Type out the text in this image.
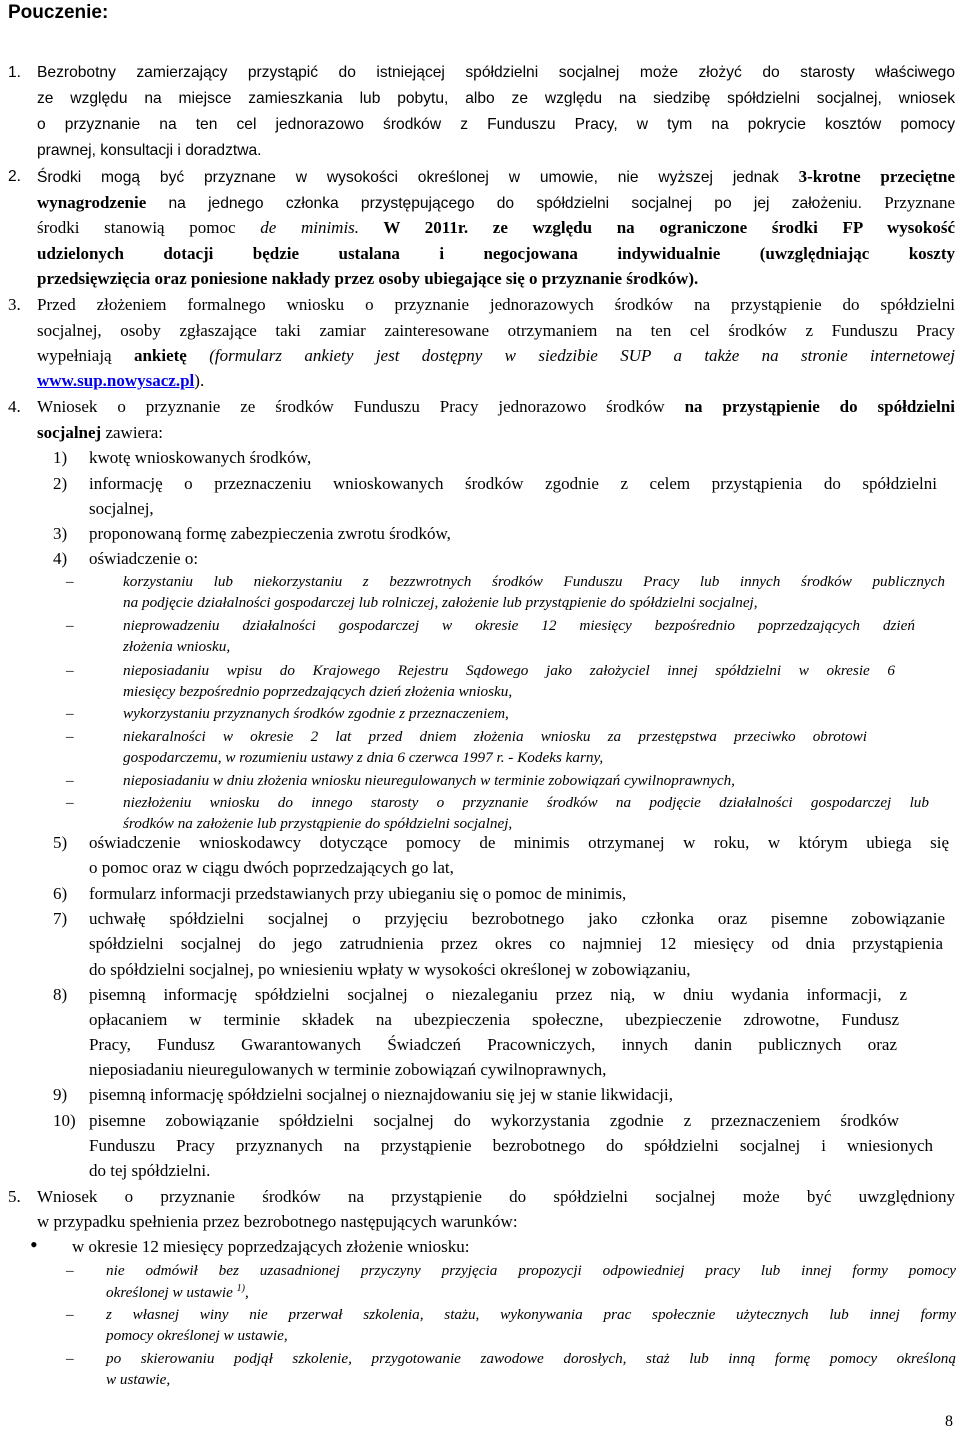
Pouczenie:
1. Bezrobotny zamierzający przystąpić do istniejącej spółdzielni socjalnej może złożyć do starosty właściwego
ze względu na miejsce zamieszkania lub pobytu, albo ze względu na siedzibę spółdzielni socjalnej, wniosek
o przyznanie na ten cel jednorazowo środków z Funduszu Pracy, w tym na pokrycie kosztów pomocy
prawnej, konsultacji i doradztwa.
2. Środki mogą być przyznane w wysokości określonej w umowie, nie wyższej jednak 3-krotne przeciętne
wynagrodzenie na jednego członka przystępującego do spółdzielni socjalnej po jej założeniu. Przyznane
środki stanowią pomoc de minimis. W 2011r. ze względu na ograniczone środki FP wysokość
udzielonych dotacji będzie ustalana i negocjowana indywidualnie (uwzględniając koszty
przedsięwzięcia oraz poniesione nakłady przez osoby ubiegające się o przyznanie środków).
3. Przed złożeniem formalnego wniosku o przyznanie jednorazowych środków na przystąpienie do spółdzielni
socjalnej, osoby zgłaszające taki zamiar zainteresowane otrzymaniem na ten cel środków z Funduszu Pracy
wypełniają ankietę (formularz ankiety jest dostępny w siedzibie SUP a także na stronie internetowej
www.sup.nowysacz.pl).
4. Wniosek o przyznanie ze środków Funduszu Pracy jednorazowo środków na przystąpienie do spółdzielni
socjalnej zawiera:
1) kwotę wnioskowanych środków,
2) informację o przeznaczeniu wnioskowanych środków zgodnie z celem przystąpienia do spółdzielni
socjalnej,
3) proponowaną formę zabezpieczenia zwrotu środków,
4) oświadczenie o:
–	korzystaniu lub niekorzystaniu z bezzwrotnych środków Funduszu Pracy lub innych środków publicznych
na podjęcie działalności gospodarczej lub rolniczej, założenie lub przystąpienie do spółdzielni socjalnej,
–	nieprowadzeniu działalności gospodarczej w okresie 12 miesięcy bezpośrednio poprzedzających dzień
złożenia wniosku,
–	nieposiadaniu wpisu do Krajowego Rejestru Sądowego jako założyciel innej spółdzielni w okresie 6
miesięcy bezpośrednio poprzedzających dzień złożenia wniosku,
–	wykorzystaniu przyznanych środków zgodnie z przeznaczeniem,
–	niekaralności w okresie 2 lat przed dniem złożenia wniosku za przestępstwa przeciwko obrotowi
gospodarczemu, w rozumieniu ustawy z dnia 6 czerwca 1997 r. - Kodeks karny,
–	nieposiadaniu w dniu złożenia wniosku nieuregulowanych w terminie zobowiązań cywilnoprawnych,
–	niezłożeniu wniosku do innego starosty o przyznanie środków na podjęcie działalności gospodarczej lub
środków na założenie lub przystąpienie do spółdzielni socjalnej,
5) oświadczenie wnioskodawcy dotyczące pomocy de minimis otrzymanej w roku, w którym ubiega się
o pomoc oraz w ciągu dwóch poprzedzających go lat,
6) formularz informacji przedstawianych przy ubieganiu się o pomoc de minimis,
7) uchwałę spółdzielni socjalnej o przyjęciu bezrobotnego jako członka oraz pisemne zobowiązanie
spółdzielni socjalnej do jego zatrudnienia przez okres co najmniej 12 miesięcy od dnia przystąpienia
do spółdzielni socjalnej, po wniesieniu wpłaty w wysokości określonej w zobowiązaniu,
8) pisemną informację spółdzielni socjalnej o niezaleganiu przez nią, w dniu wydania informacji, z
opłacaniem w terminie składek na ubezpieczenia społeczne, ubezpieczenie zdrowotne, Fundusz
Pracy, Fundusz Gwarantowanych Świadczeń Pracowniczych, innych danin publicznych oraz
nieposiadaniu nieuregulowanych w terminie zobowiązań cywilnoprawnych,
9) pisemną informację spółdzielni socjalnej o nieznajdowaniu się jej w stanie likwidacji,
10) pisemne zobowiązanie spółdzielni socjalnej do wykorzystania zgodnie z przeznaczeniem środków
Funduszu Pracy przyznanych na przystąpienie bezrobotnego do spółdzielni socjalnej i wniesionych
do tej spółdzielni.
5. Wniosek o przyznanie środków na przystąpienie do spółdzielni socjalnej może być uwzględniony
w przypadku spełnienia przez bezrobotnego następujących warunków:
• w okresie 12 miesięcy poprzedzających złożenie wniosku:
– nie odmówił bez uzasadnionej przyczyny przyjęcia propozycji odpowiedniej pracy lub innej formy pomocy
określonej w ustawie $^{1)}$,
– z własnej winy nie przerwał szkolenia, stażu, wykonywania prac społecznie użytecznych lub innej formy
pomocy określonej w ustawie,
– po skierowaniu podjął szkolenie, przygotowanie zawodowe dorosłych, staż lub inną formę pomocy określoną
w ustawie,
8
